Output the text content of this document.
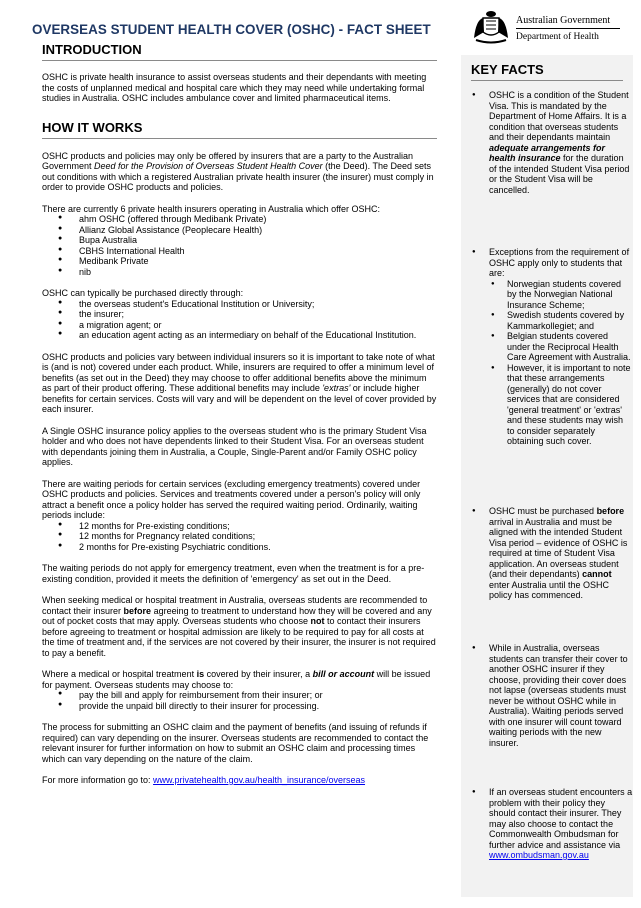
OVERSEAS STUDENT HEALTH COVER (OSHC) - FACT SHEET
Australian Government
Department of Health
INTRODUCTION

OSHC is private health insurance to assist overseas students and their dependants with meeting the costs of unplanned medical and hospital care which they may need while undertaking formal studies in Australia. OSHC includes ambulance cover and limited pharmaceutical items.

HOW IT WORKS

OSHC products and policies may only be offered by insurers that are a party to the Australian Government Deed for the Provision of Overseas Student Health Cover (the Deed). The Deed sets out conditions with which a registered Australian private health insurer (the insurer) must comply in order to provide OSHC products and policies.

There are currently 6 private health insurers operating in Australia which offer OSHC:

● ahm OSHC (offered through Medibank Private)
● Allianz Global Assistance (Peoplecare Health)
● Bupa Australia
● CBHS International Health
● Medibank Private
● nib

OSHC can typically be purchased directly through:

● the overseas student's Educational Institution or University;
● the insurer;
● a migration agent; or
● an education agent acting as an intermediary on behalf of the Educational Institution.

OSHC products and policies vary between individual insurers so it is important to take note of what is (and is not) covered under each product. While, insurers are required to offer a minimum level of benefits (as set out in the Deed) they may choose to offer additional benefits above the minimum as part of their product offering. These additional benefits may include 'extras' or include higher benefits for certain services. Costs will vary and will be dependent on the level of cover provided by each insurer.

A Single OSHC insurance policy applies to the overseas student who is the primary Student Visa holder and who does not have dependents linked to their Student Visa. For an overseas student with dependants joining them in Australia, a Couple, Single-Parent and/or Family OSHC policy applies.

There are waiting periods for certain services (excluding emergency treatments) covered under OSHC products and policies. Services and treatments covered under a person's policy will only attract a benefit once a policy holder has served the required waiting period. Ordinarily, waiting periods include:

● 12 months for Pre-existing conditions;
● 12 months for Pregnancy related conditions;
● 2 months for Pre-existing Psychiatric conditions.

The waiting periods do not apply for emergency treatment, even when the treatment is for a pre-existing condition, provided it meets the definition of 'emergency' as set out in the Deed.

When seeking medical or hospital treatment in Australia, overseas students are recommended to contact their insurer before agreeing to treatment to understand how they will be covered and any out of pocket costs that may apply. Overseas students who choose not to contact their insurers before agreeing to treatment or hospital admission are likely to be required to pay for all costs at the time of treatment and, if the services are not covered by their insurer, the insurer is not required to pay a benefit.

Where a medical or hospital treatment is covered by their insurer, a bill or account will be issued for payment. Overseas students may choose to:

● pay the bill and apply for reimbursement from their insurer; or
● provide the unpaid bill directly to their insurer for processing.

The process for submitting an OSHC claim and the payment of benefits (and issuing of refunds if required) can vary depending on the insurer. Overseas students are recommended to contact the relevant insurer for further information on how to submit an OSHC claim and processing times which can vary depending on the nature of the claim.

For more information go to: www.privatehealth.gov.au/health_insurance/overseas

KEY FACTS
● OSHC is a condition of the Student Visa. This is mandated by the Department of Home Affairs. It is a condition that overseas students and their dependants maintain adequate arrangements for health insurance for the duration of the intended Student Visa period or the Student Visa will be cancelled.
● Exceptions from the requirement of OSHC apply only to students that are:
● Norwegian students covered by the Norwegian National Insurance Scheme;
● Swedish students covered by Kammarkollegiet; and
● Belgian students covered under the Reciprocal Health Care Agreement with Australia.
● However, it is important to note that these arrangements (generally) do not cover services that are considered 'general treatment' or 'extras' and these students may wish to consider separately obtaining such cover.
● OSHC must be purchased before arrival in Australia and must be aligned with the intended Student Visa period – evidence of OSHC is required at time of Student Visa application. An overseas student (and their dependants) cannot enter Australia until the OSHC policy has commenced.
● While in Australia, overseas students can transfer their cover to another OSHC insurer if they choose, providing their cover does not lapse (overseas students must never be without OSHC while in Australia). Waiting periods served with one insurer will count toward waiting periods with the new insurer.
● If an overseas student encounters a problem with their policy they should contact their insurer. They may also choose to contact the Commonwealth Ombudsman for further advice and assistance via
www.ombudsman.gov.au
